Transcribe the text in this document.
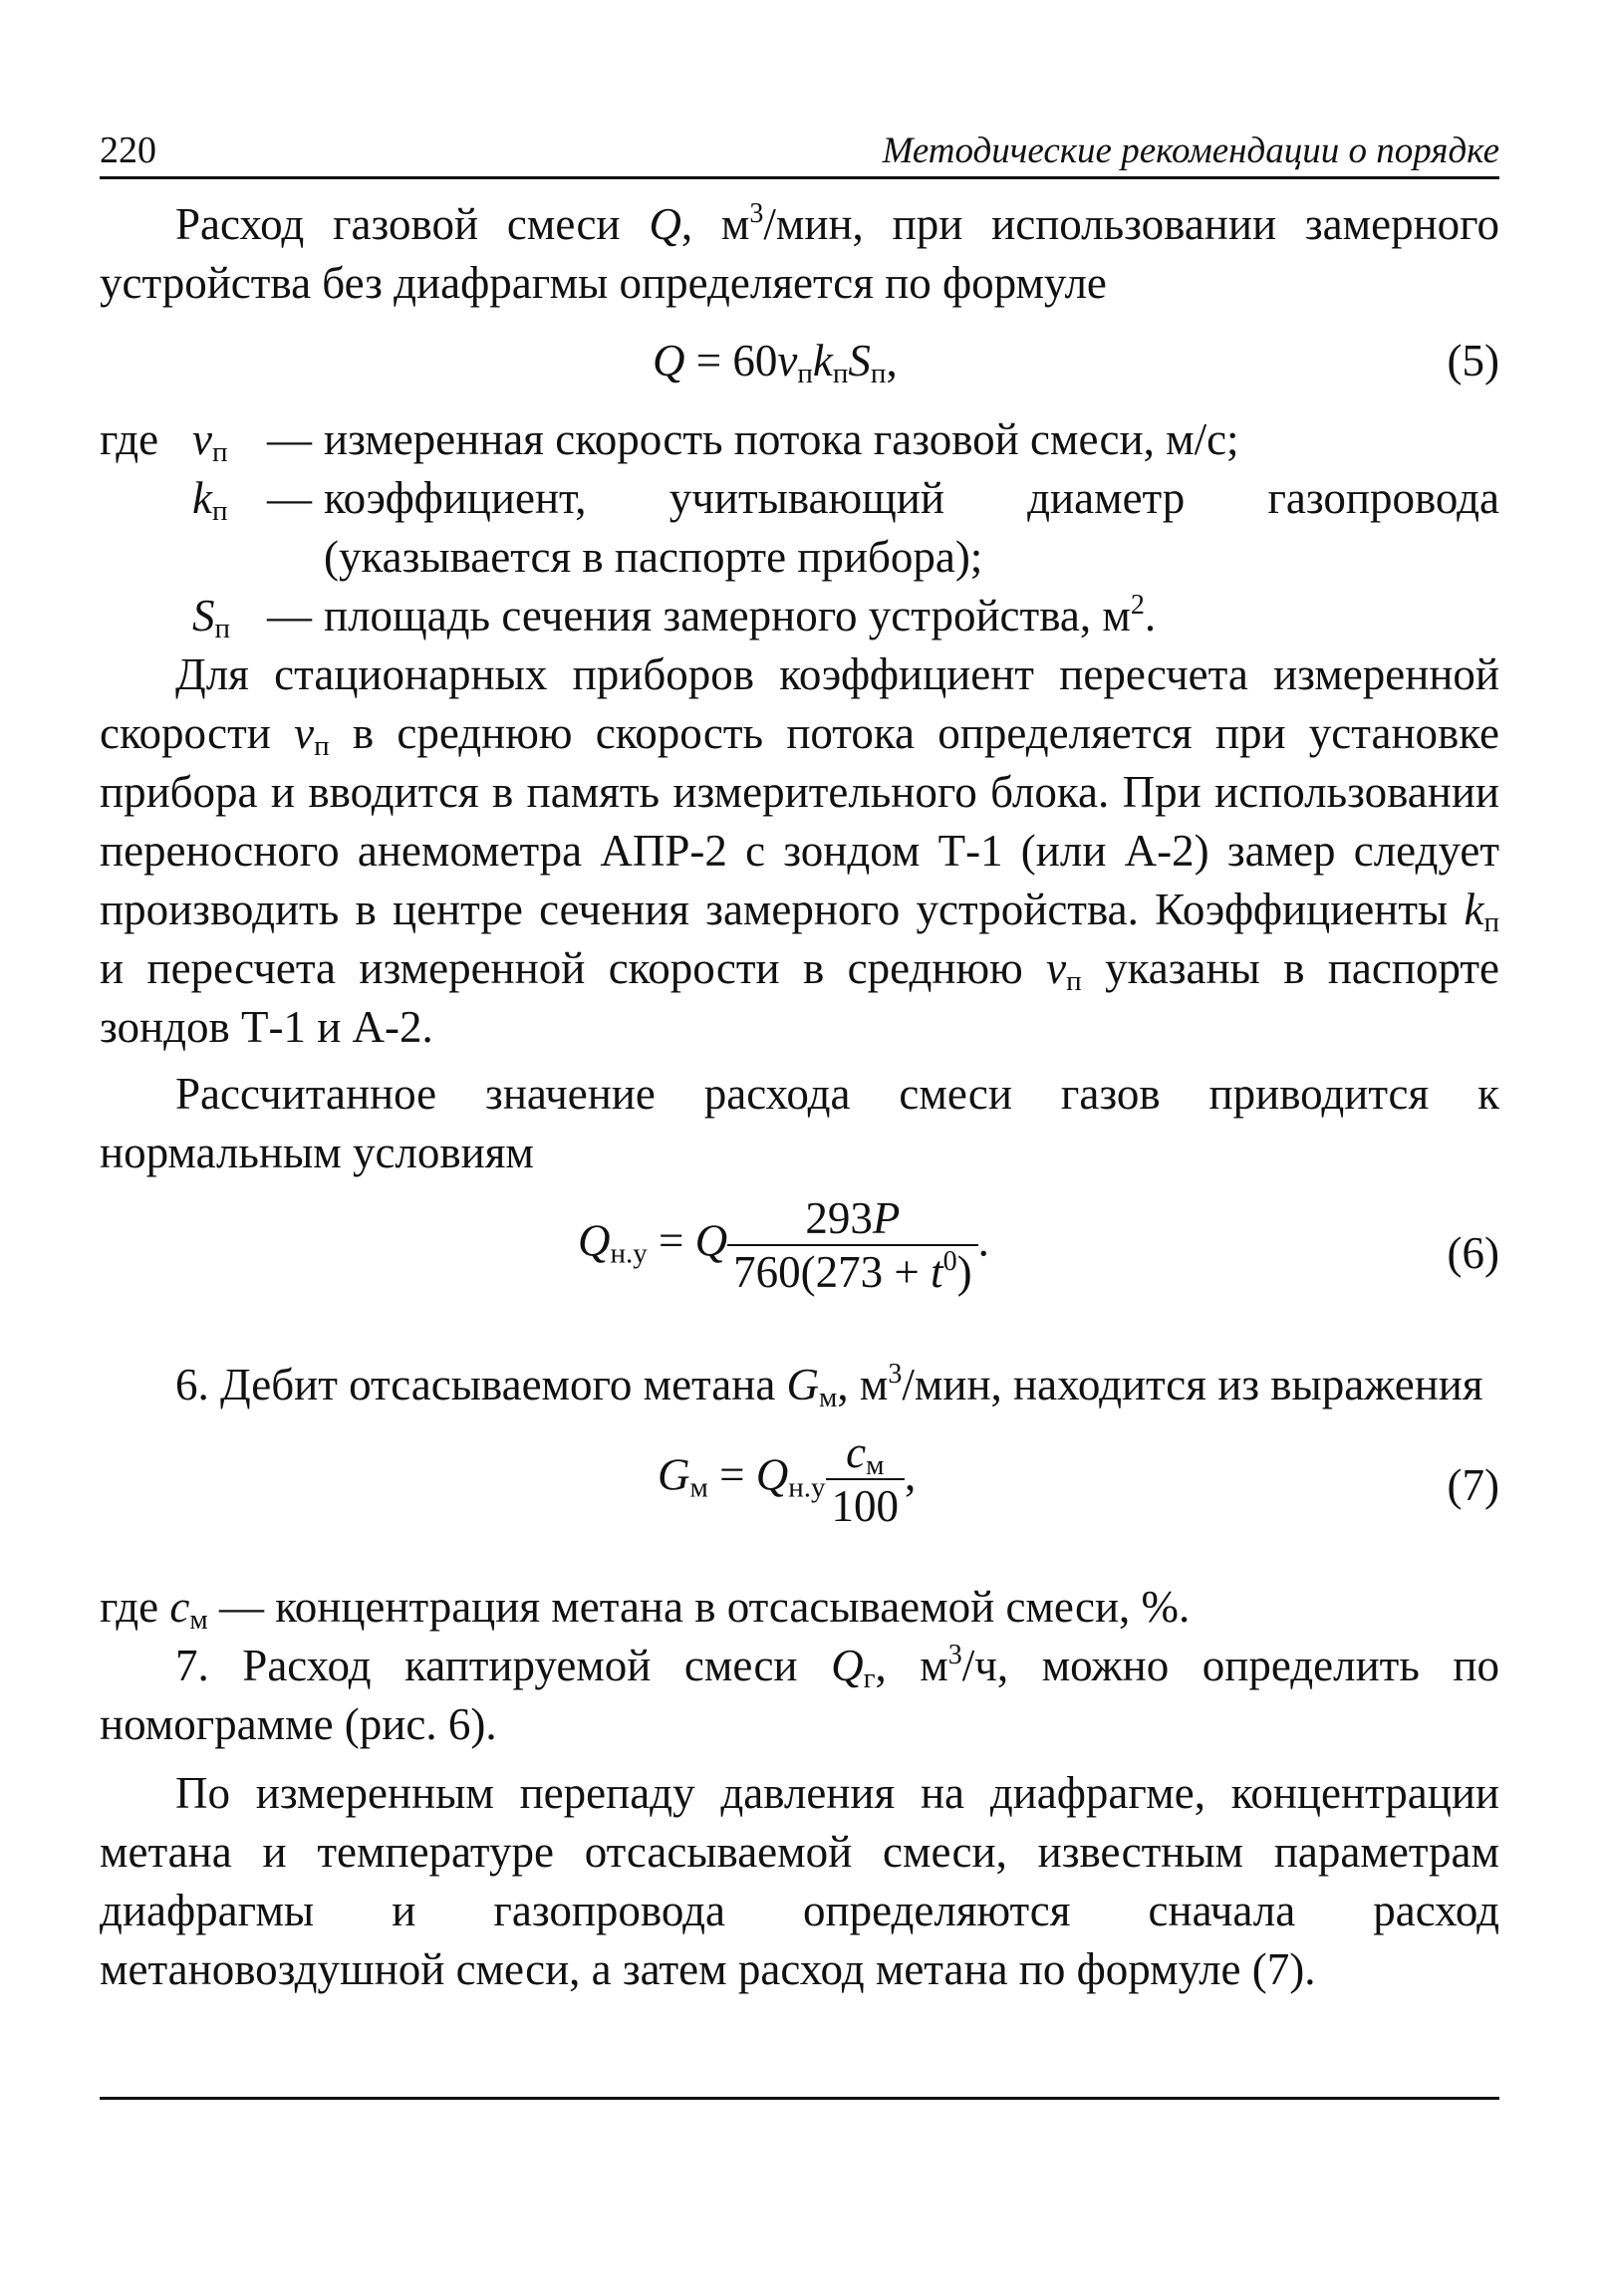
220	Методические рекомендации о порядке

Расход газовой смеси Q, $м^3$/мин, при использовании замерного устройства без диафрагмы определяется по формуле

$Q = 60v_пk_пS_п$,	(5)
где $v_п$ — измеренная скорость потока газовой смеси, м/с;
$k_п$ — коэффициент, учитывающий диаметр газопровода (указывается в паспорте прибора);
$S_п$ — площадь сечения замерного устройства, $м^2$.

Для стационарных приборов коэффициент пересчета измеренной скорости $v_п$ в среднюю скорость потока определяется при установке прибора и вводится в память измерительного блока. При использовании переносного анемометра АПР-2 с зондом Т-1 (или А-2) замер следует производить в центре сечения замерного устройства. Коэффициенты $k_п$ и пересчета измеренной скорости в среднюю $v_п$ указаны в паспорте зондов Т-1 и А-2.

Рассчитанное значение расхода смеси газов приводится к нормальным условиям

$Q_{н.у} = Q \frac{293P}{760(273 + t^0)}$ .	(6)

6. Дебит отсасываемого метана $G_м$, $м^3$/мин, находится из выражения

$G_м = Q_{н.у} \frac{c_м}{100}$ ,	(7)

где $c_м$ — концентрация метана в отсасываемой смеси, %.

7. Расход каптируемой смеси $Q_г$, $м^3/ч$, можно определить по номограмме (рис. 6).

По измеренным перепаду давления на диафрагме, концентрации метана и температуре отсасываемой смеси, известным параметрам диафрагмы и газопровода определяются сначала расход метановоздушной смеси, а затем расход метана по формуле (7).
